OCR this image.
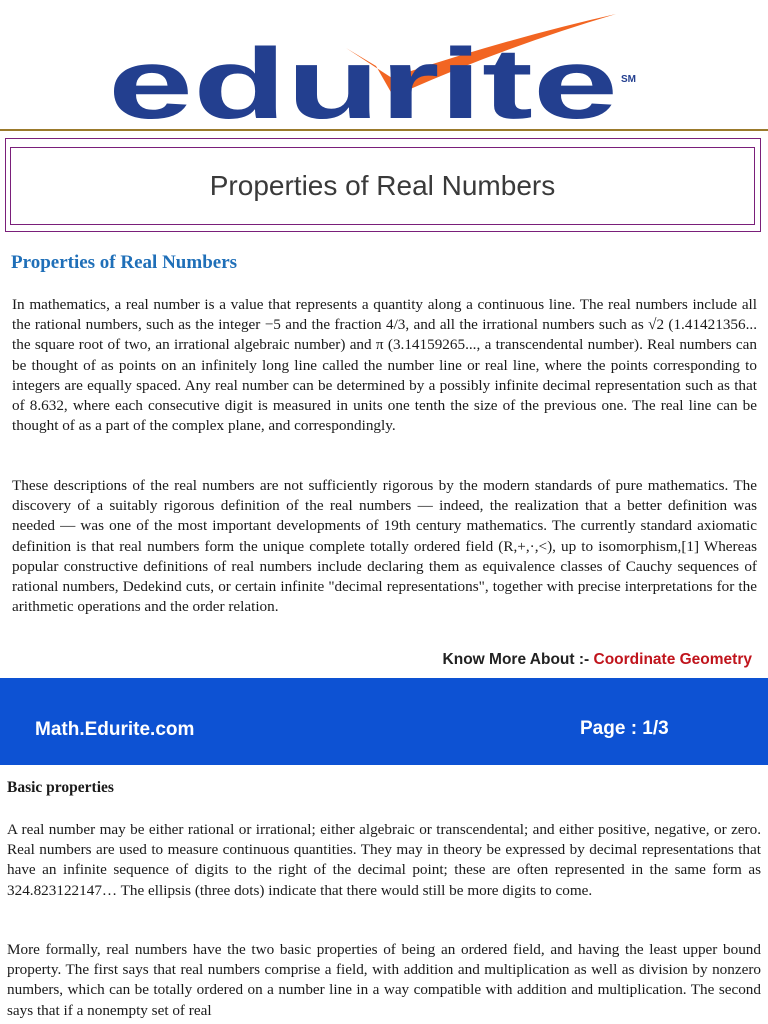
edurite SM
Properties of Real Numbers
Properties of Real Numbers

In mathematics, a real number is a value that represents a quantity along a continuous line. The real numbers include all the rational numbers, such as the integer −5 and the fraction 4/3, and all the irrational numbers such as √2 (1.41421356... the square root of two, an irrational algebraic number) and π (3.14159265..., a transcendental number). Real numbers can be thought of as points on an infinitely long line called the number line or real line, where the points corresponding to integers are equally spaced. Any real number can be determined by a possibly infinite decimal representation such as that of 8.632, where each consecutive digit is measured in units one tenth the size of the previous one. The real line can be thought of as a part of the complex plane, and correspondingly.

These descriptions of the real numbers are not sufficiently rigorous by the modern standards of pure mathematics. The discovery of a suitably rigorous definition of the real numbers — indeed, the realization that a better definition was needed — was one of the most important developments of 19th century mathematics. The currently standard axiomatic definition is that real numbers form the unique complete totally ordered field (R,+,·,<), up to isomorphism,[1] Whereas popular constructive definitions of real numbers include declaring them as equivalence classes of Cauchy sequences of rational numbers, Dedekind cuts, or certain infinite "decimal representations", together with precise interpretations for the arithmetic operations and the order relation.

Know More About :- Coordinate Geometry
Math.Edurite.com	Page : 1/3
Basic properties

A real number may be either rational or irrational; either algebraic or transcendental; and either positive, negative, or zero. Real numbers are used to measure continuous quantities. They may in theory be expressed by decimal representations that have an infinite sequence of digits to the right of the decimal point; these are often represented in the same form as 324.823122147… The ellipsis (three dots) indicate that there would still be more digits to come.

More formally, real numbers have the two basic properties of being an ordered field, and having the least upper bound property. The first says that real numbers comprise a field, with addition and multiplication as well as division by nonzero numbers, which can be totally ordered on a number line in a way compatible with addition and multiplication. The second says that if a nonempty set of real
